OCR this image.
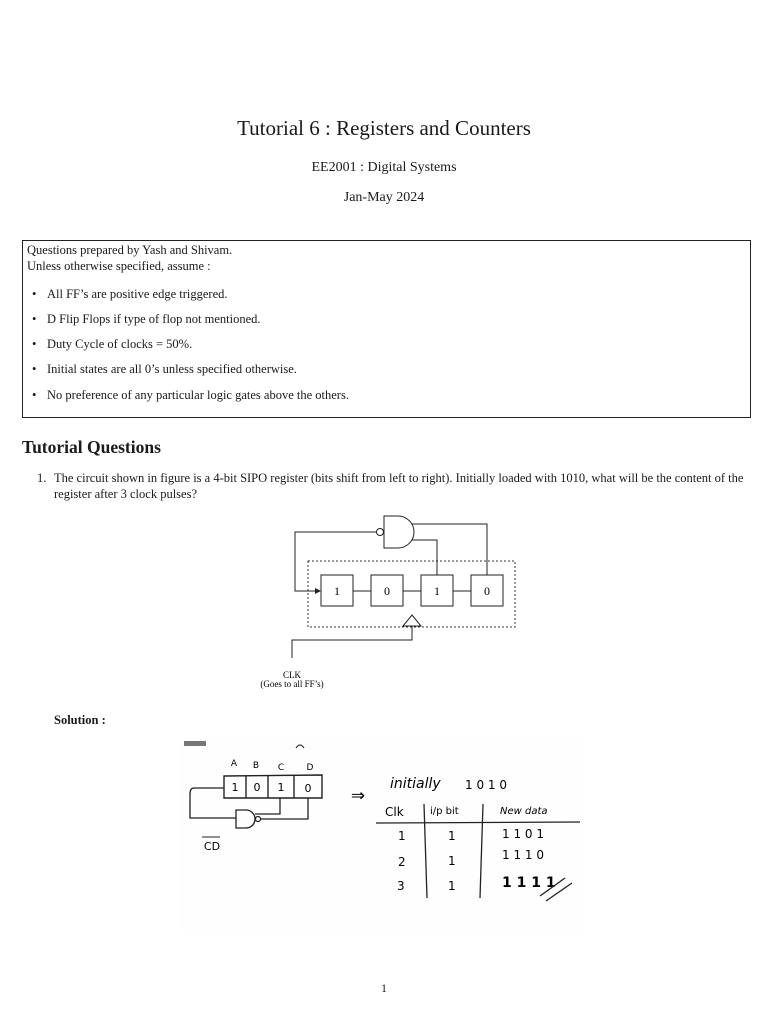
Tutorial 6 : Registers and Counters
EE2001 : Digital Systems
Jan-May 2024
Questions prepared by Yash and Shivam.
Unless otherwise specified, assume :
• All FF’s are positive edge triggered.
• D Flip Flops if type of flop not mentioned.
• Duty Cycle of clocks = 50%.
• Initial states are all 0’s unless specified otherwise.
• No preference of any particular logic gates above the others.
Tutorial Questions
1. The circuit shown in figure is a 4-bit SIPO register (bits shift from left to right). Initially loaded with 1010, what will be the content of the register after 3 clock pulses?
1	0	1	0
CLK
(Goes to all FF’s)
Solution :
A B C D
1 0 1 0
CD
⇒
initially 1 0 1 0
Clk	i/p bit	New data
1	1	1 1 0 1
2	1	1 1 1 0
3	1	1 1 1 1
1
